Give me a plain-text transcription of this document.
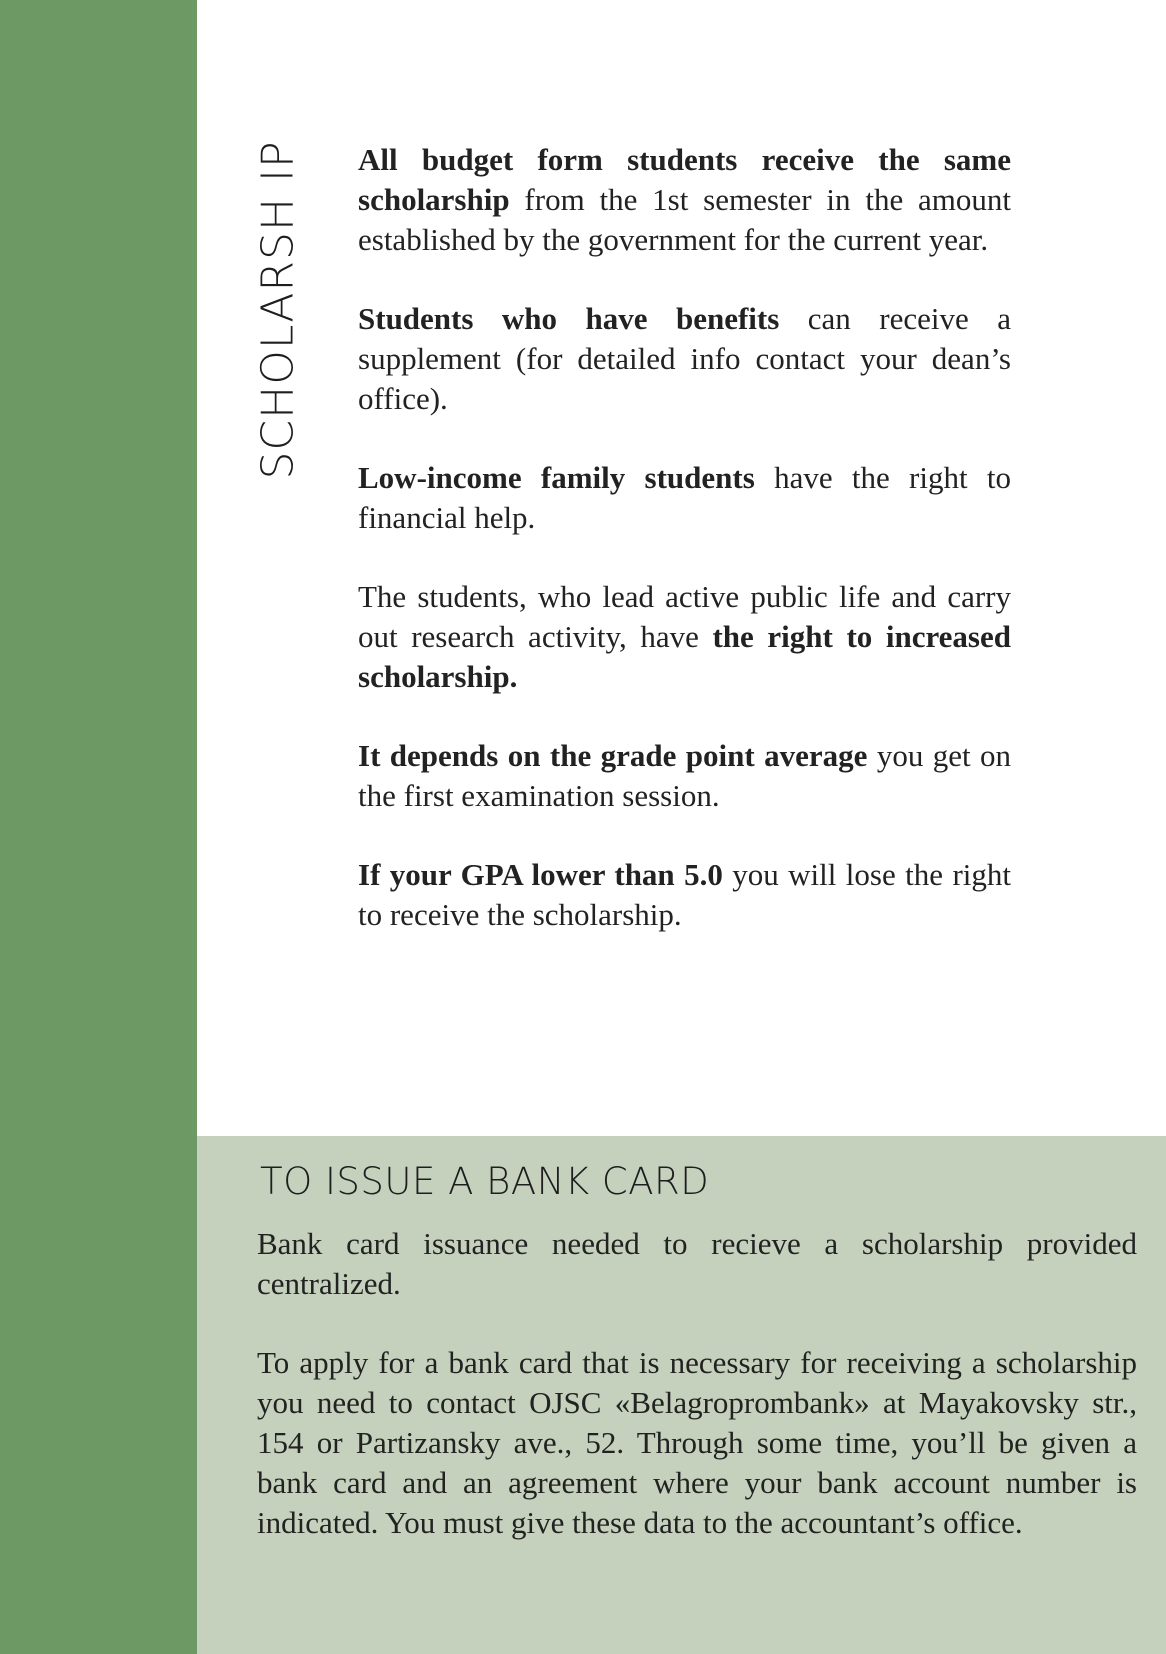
SCHOLARSH IP All budget form students receive the same scholarship from the 1st semester in the amount established by the government for the current year.

Students who have benefits can receive a supplement (for detailed info contact your dean’s office).

Low-income family students have the right to financial help.

The students, who lead active public life and carry out research activity, have the right to increased scholarship.

It depends on the grade point average you get on the first examination session.

If your GPA lower than 5.0 you will lose the right to receive the scholarship.

TO ISSUE A BANK CARD

Bank card issuance needed to recieve a scholarship provided centralized.

To apply for a bank card that is necessary for receiving a scholarship you need to contact OJSC «Belagroprombank» at Mayakovsky str., 154 or Partizansky ave., 52. Through some time, you’ll be given a bank card and an agreement where your bank account number is indicated. You must give these data to the accountant’s office.
